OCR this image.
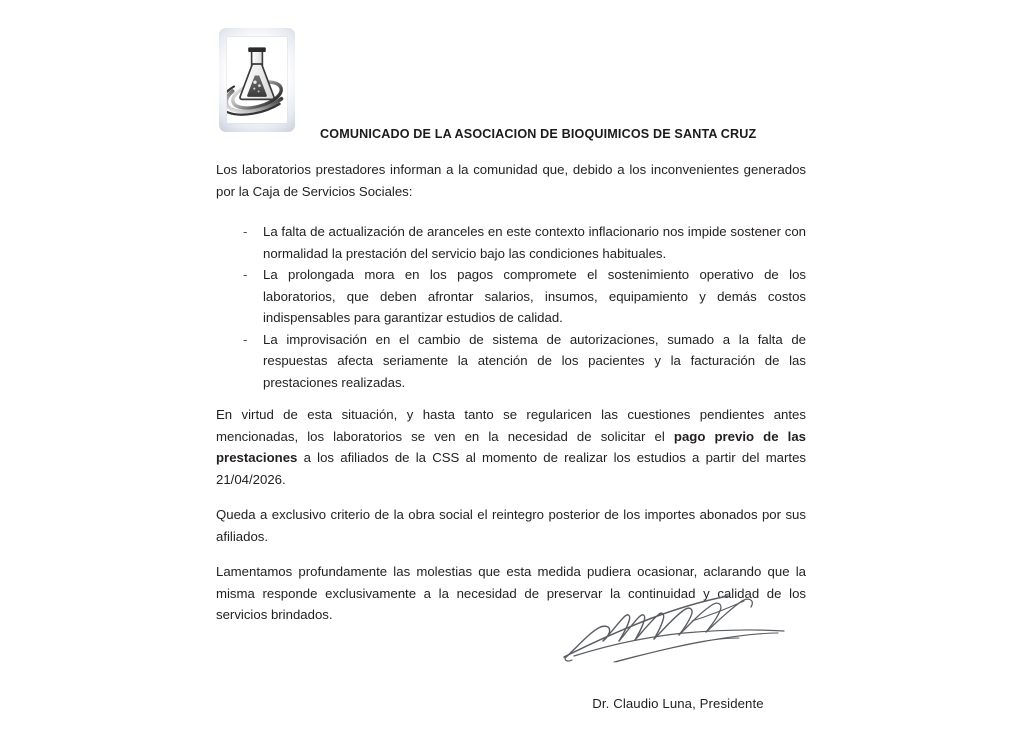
COMUNICADO DE LA ASOCIACION DE BIOQUIMICOS DE SANTA CRUZ

Los laboratorios prestadores informan a la comunidad que, debido a los inconvenientes generados por la Caja de Servicios Sociales:

-	La falta de actualización de aranceles en este contexto inflacionario nos impide sostener con normalidad la prestación del servicio bajo las condiciones habituales.
-	La prolongada mora en los pagos compromete el sostenimiento operativo de los laboratorios, que deben afrontar salarios, insumos, equipamiento y demás costos indispensables para garantizar estudios de calidad.
-	La improvisación en el cambio de sistema de autorizaciones, sumado a la falta de respuestas afecta seriamente la atención de los pacientes y la facturación de las prestaciones realizadas.

En virtud de esta situación, y hasta tanto se regularicen las cuestiones pendientes antes mencionadas, los laboratorios se ven en la necesidad de solicitar el pago previo de las prestaciones a los afiliados de la CSS al momento de realizar los estudios a partir del martes 21/04/2026.

Queda a exclusivo criterio de la obra social el reintegro posterior de los importes abonados por sus afiliados.

Lamentamos profundamente las molestias que esta medida pudiera ocasionar, aclarando que la misma responde exclusivamente a la necesidad de preservar la continuidad y calidad de los servicios brindados.

Dr. Claudio Luna, Presidente
